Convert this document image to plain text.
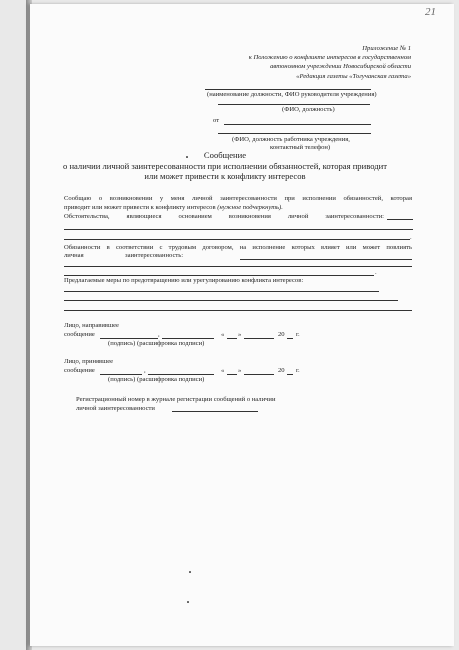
21
Приложение № 1
к Положению о конфликте интересов в государственном
автономном учреждении Новосибирской области
«Редакция газеты «Тогучанская газета»
(наименование должности, ФИО руководителя учреждения)
(ФИО, должность)
от
(ФИО, должность работника учреждения,
контактный телефон)
Сообщение
о наличии личной заинтересованности при исполнении обязанностей, которая приводит
или может привести к конфликту интересов
Сообщаю о возникновении у меня личной заинтересованности при исполнении обязанностей, которая
приводит или может привести к конфликту интересов (нужное подчеркнуть).
Обстоятельства, являющиеся основанием возникновения личной заинтересованности:
.
Обязанности в соответствии с трудовым договором, на исполнение которых влияет или может повлиять
личная	заинтересованность:
.
Предлагаемые меры по предотвращению или урегулированию конфликта интересов:
Лицо, направившее
сообщение	,	« »	20 г.
(подпись) (расшифровка подписи)
Лицо, принявшее
сообщение	,	« »	20 г.
(подпись) (расшифровка подписи)
Регистрационный номер в журнале регистрации сообщений о наличии
личной заинтересованности
